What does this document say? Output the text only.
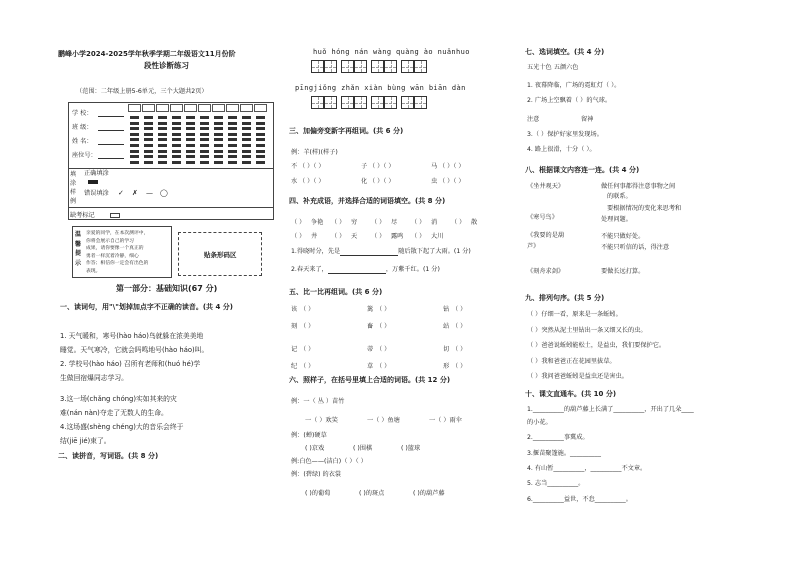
鹏峰小学2024-2025学年秋季学期二年级语文11月份阶
段性诊断练习
（范围：二年级上册5-6单元，三个大题共2页）
学 校：
班 级：
姓 名：
座位号：
填涂样例
正确填涂
错误填涂 ✓ ✗ — ◯
缺考标记
温馨提示
亲爱的同学，在本次测评中，
你将会展示自己的学习
成果，请你要像一个真正的
勇者一样沉着冷静，细心
作答；相信你一定会有出色的
表现。
贴条形码区
第一部分：基础知识(67 分)
一、读词句，用"\"划掉加点字不正确的读音。(共 4 分)
1. 天气暖和，寒号(hào háo)鸟就躲在浓美美地
睡觉。天气寒冷，它就会吗鸣地号(hào háo)叫。
2. 学校号(hào háo) 召所有老师和(huó hé)学
生做回宿爆同志学习。
3.这一场(chǎng chóng)实如其来的灾
难(nán nàn)夺走了无数人的生命。
4.这场盛(shèng chéng)大的音乐会终于
结(jiē jié)束了。
二、读拼音，写词语。(共 8 分)
huǒ hóng nán wàng quàng ào nuǎnhuo
pīngjiǒng zhǎn xiàn bùng wān biān dàn
三、加偏旁变新字再组词。(共 6 分)
例：羊(样)(样子)
不 （ ）（ ）	子 （ ）（ ）	马 （ ）（ ）
水 （ ）（ ）	化 （ ）（ ）	虫 （ ）（ ）
四、补充成语，并选择合适的词语填空。(共 8 分)
（ ） 争艳 （ ） 穷 （ ） 尽 （ ） 消 （ ） 散
（ ） 井 （ ） 天 （ ） 露鸣 （ ） 大川
1.得晓时分，先是	随后散下起了大雨。(1 分)
2.春天来了，	，万紫千红。(1 分)
五、比一比再组词。(共 6 分)
该 （ ）	篱 （ ）	钻 （ ）
刻 （ ）	畜 （ ）	站 （ ）
记 （ ）	蒂 （ ）	切 （ ）
纪 （ ）	草 （ ）	形 （ ）
六、照样子，在括号里填上合适的词语。(共 12 分)
例：一（ 丛 ）苗竹
一（ ）欢笑	一（ ）鱼塘	一（ ）雨伞
例：(蝉)硬草
( )京戏	( )围棋	( )篮球
例:白色——(洁白)（ ）（ ）
例：(碧绿) 的衣裳
( )的葡萄	( )的斑点	( )的葫芦藤
七、选词填空。(共 4 分)
五光十色 五颜六色
1. 夜幕降临，广场的霓虹灯（ ）。
2. 广场上空飘着（ ）的气球。
注意	留神
3.（ ）保护好家里发现场。
4. 路上很滑，十分（ ）。
八、根据课文内容连一连。(共 4 分)
《坐井观天》
《寒号鸟》
《我要的是葫
芦》
《刻舟求剑》
做任何事都得注意事物之间
的联系。
要根据情况的变化来思考和
处理问题。
不能只做好处。
不能只听信的话，得注意
要做长远打算。
九、排列句序。(共 5 分)
（ ）仔细一看，原来是一条蚯蚓。
（ ）突然从泥土里钻出一条又细又长的虫。
（ ）爸爸说蚯蚓能松土，是益虫，我们要保护它。
（ ）我和爸爸正在花园里拔草。
（ ）我问爸爸蚯蚓是益虫还是害虫。
十、课文直通车。(共 10 分)
1.__________的葫芦藤上长满了__________，开出了几朵____
的小花。
2.__________事冀成。
3.揠苗聚篷施。__________
4. 有山暂__________，__________不文章。
5. 志当__________。
6.__________益世，不怠__________。
